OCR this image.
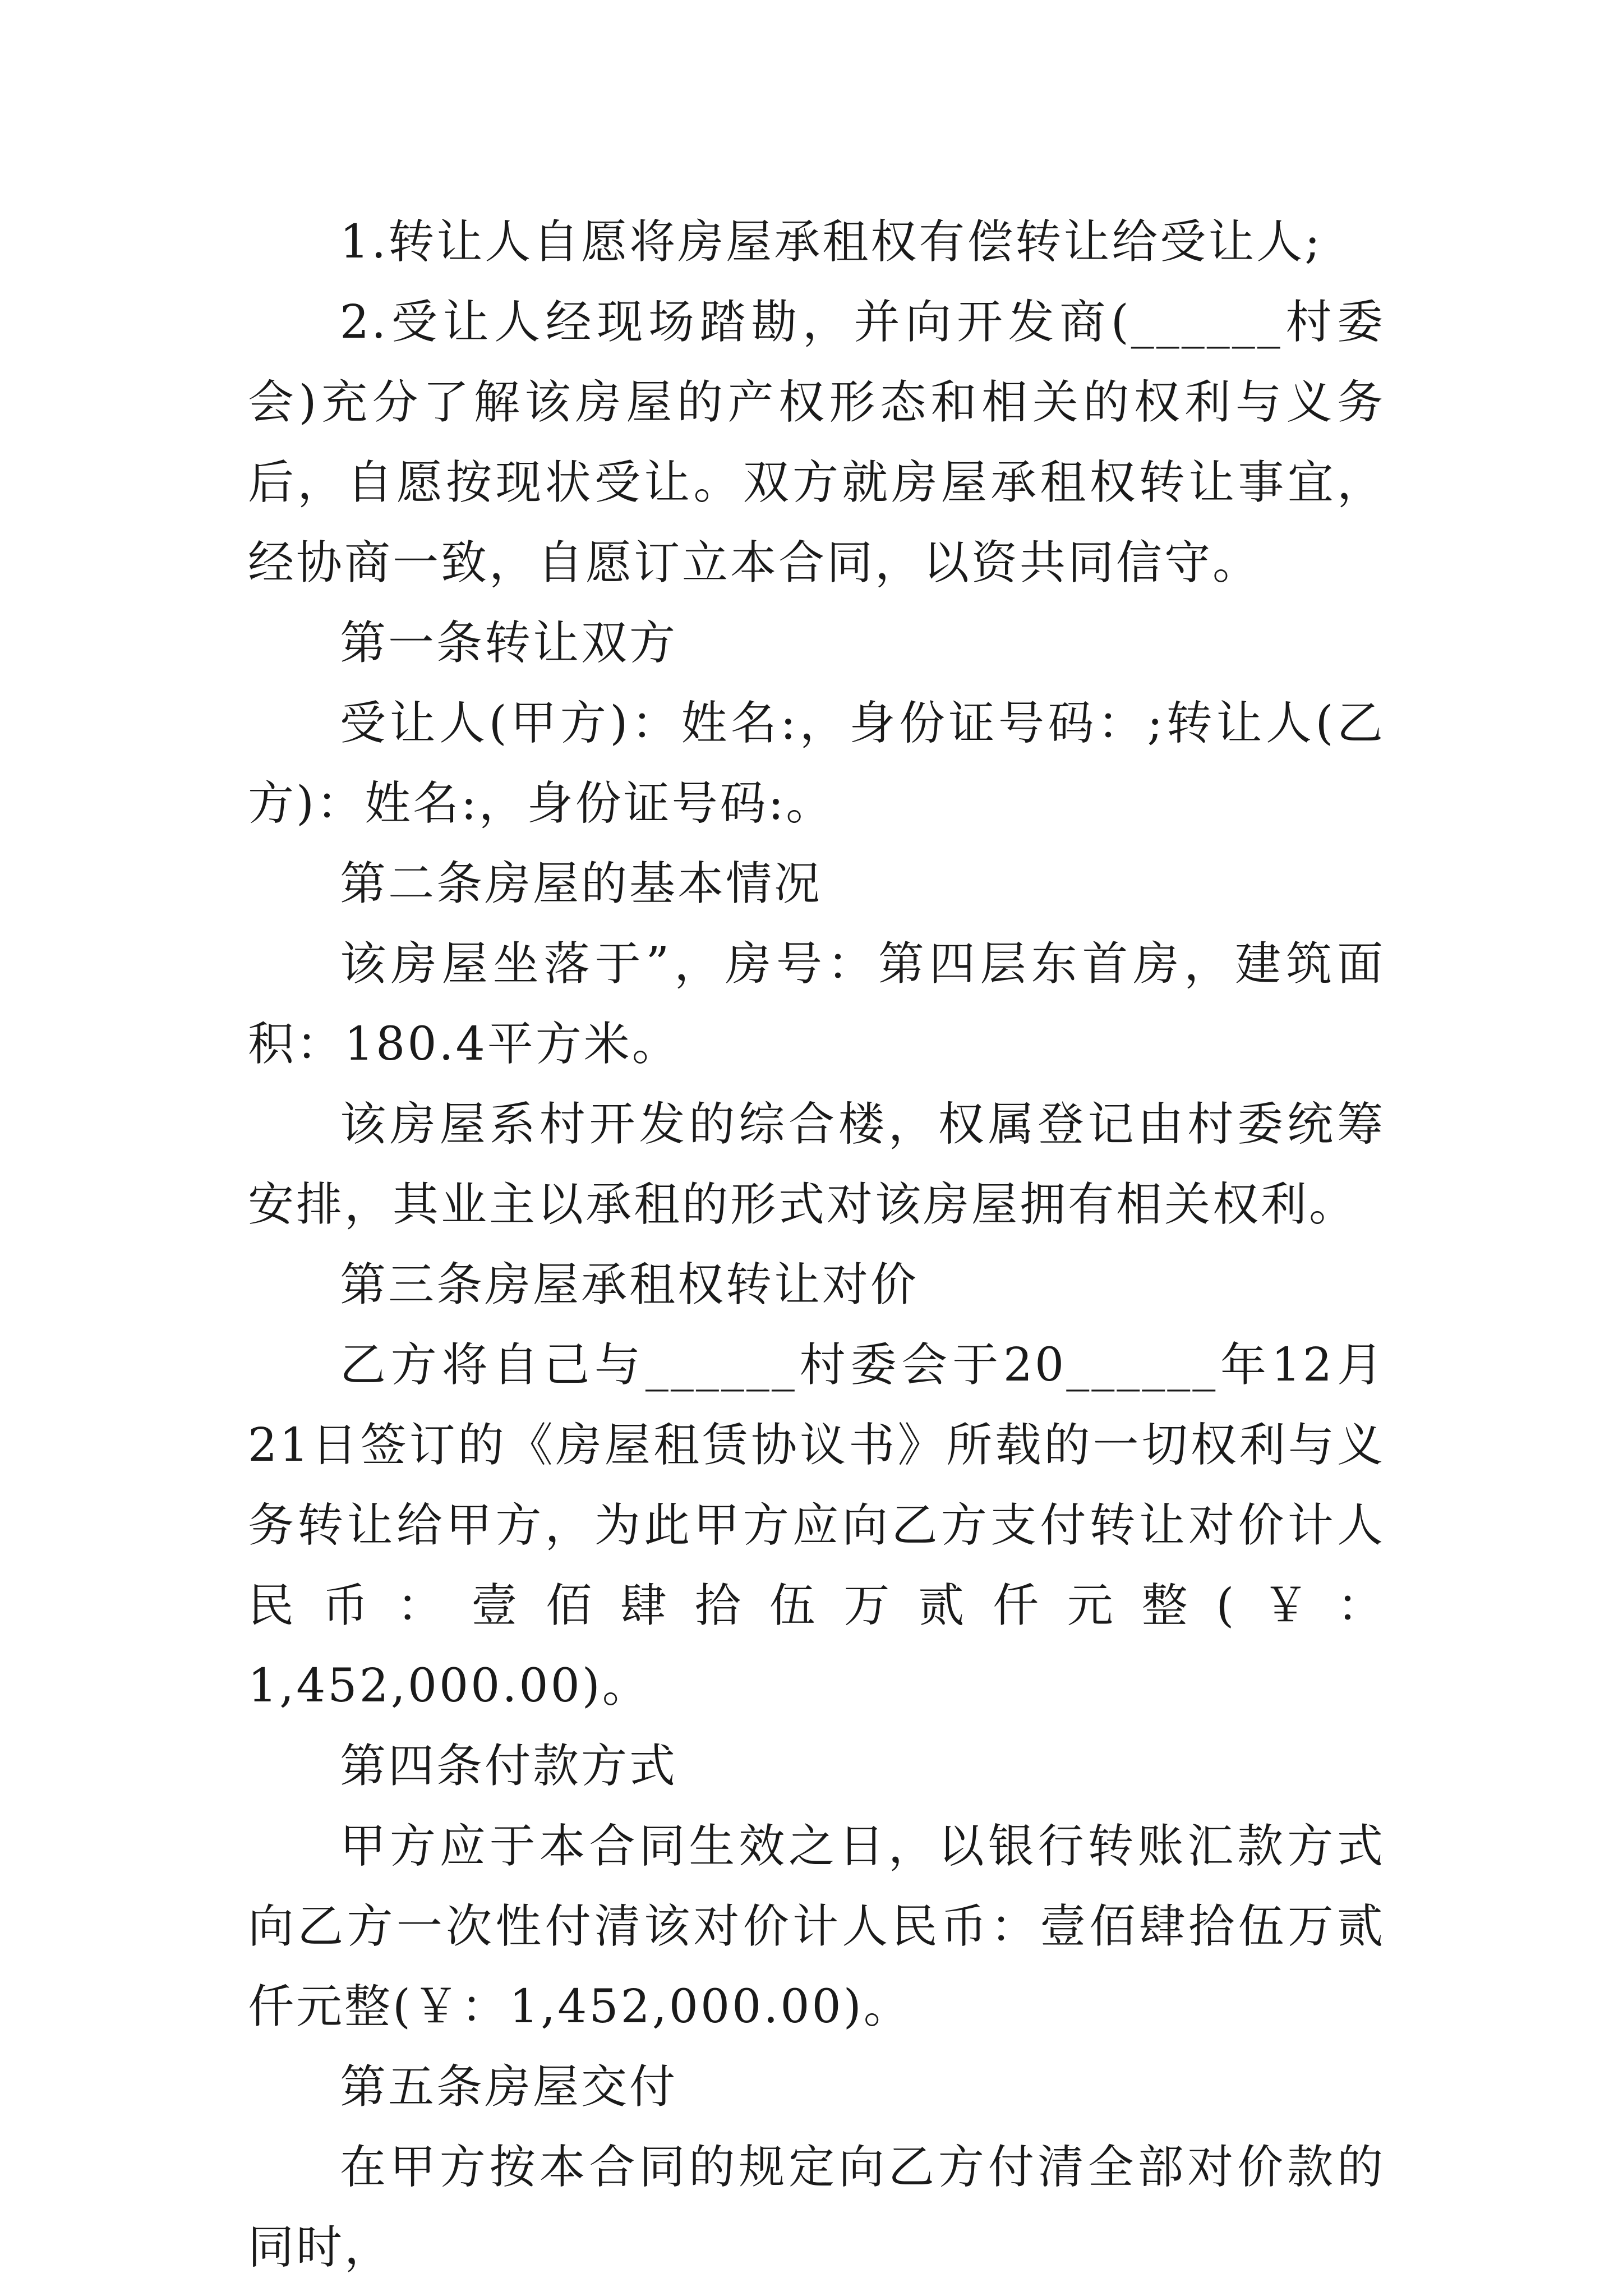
1.转让人自愿将房屋承租权有偿转让给受让人;

2.受让人经现场踏勘，并向开发商(______村委会)充分了解该房屋的产权形态和相关的权利与义务后，自愿按现状受让。双方就房屋承租权转让事宜，经协商一致，自愿订立本合同，以资共同信守。

第一条转让双方

受让人(甲方)：姓名:，身份证号码：;转让人(乙方)：姓名:，身份证号码:。

第二条房屋的基本情况

该房屋坐落于”，房号：第四层东首房，建筑面积：180.4平方米。

该房屋系村开发的综合楼，权属登记由村委统筹安排，其业主以承租的形式对该房屋拥有相关权利。

第三条房屋承租权转让对价

乙方将自己与______村委会于20______年12月21日签订的《房屋租赁协议书》所载的一切权利与义务转让给甲方，为此甲方应向乙方支付转让对价计人民币：壹佰肆拾伍万贰仟元整(￥：1,452,000.00)。

第四条付款方式

甲方应于本合同生效之日，以银行转账汇款方式向乙方一次性付清该对价计人民币：壹佰肆拾伍万贰仟元整(￥：1,452,000.00)。

第五条房屋交付

在甲方按本合同的规定向乙方付清全部对价款的同时，
